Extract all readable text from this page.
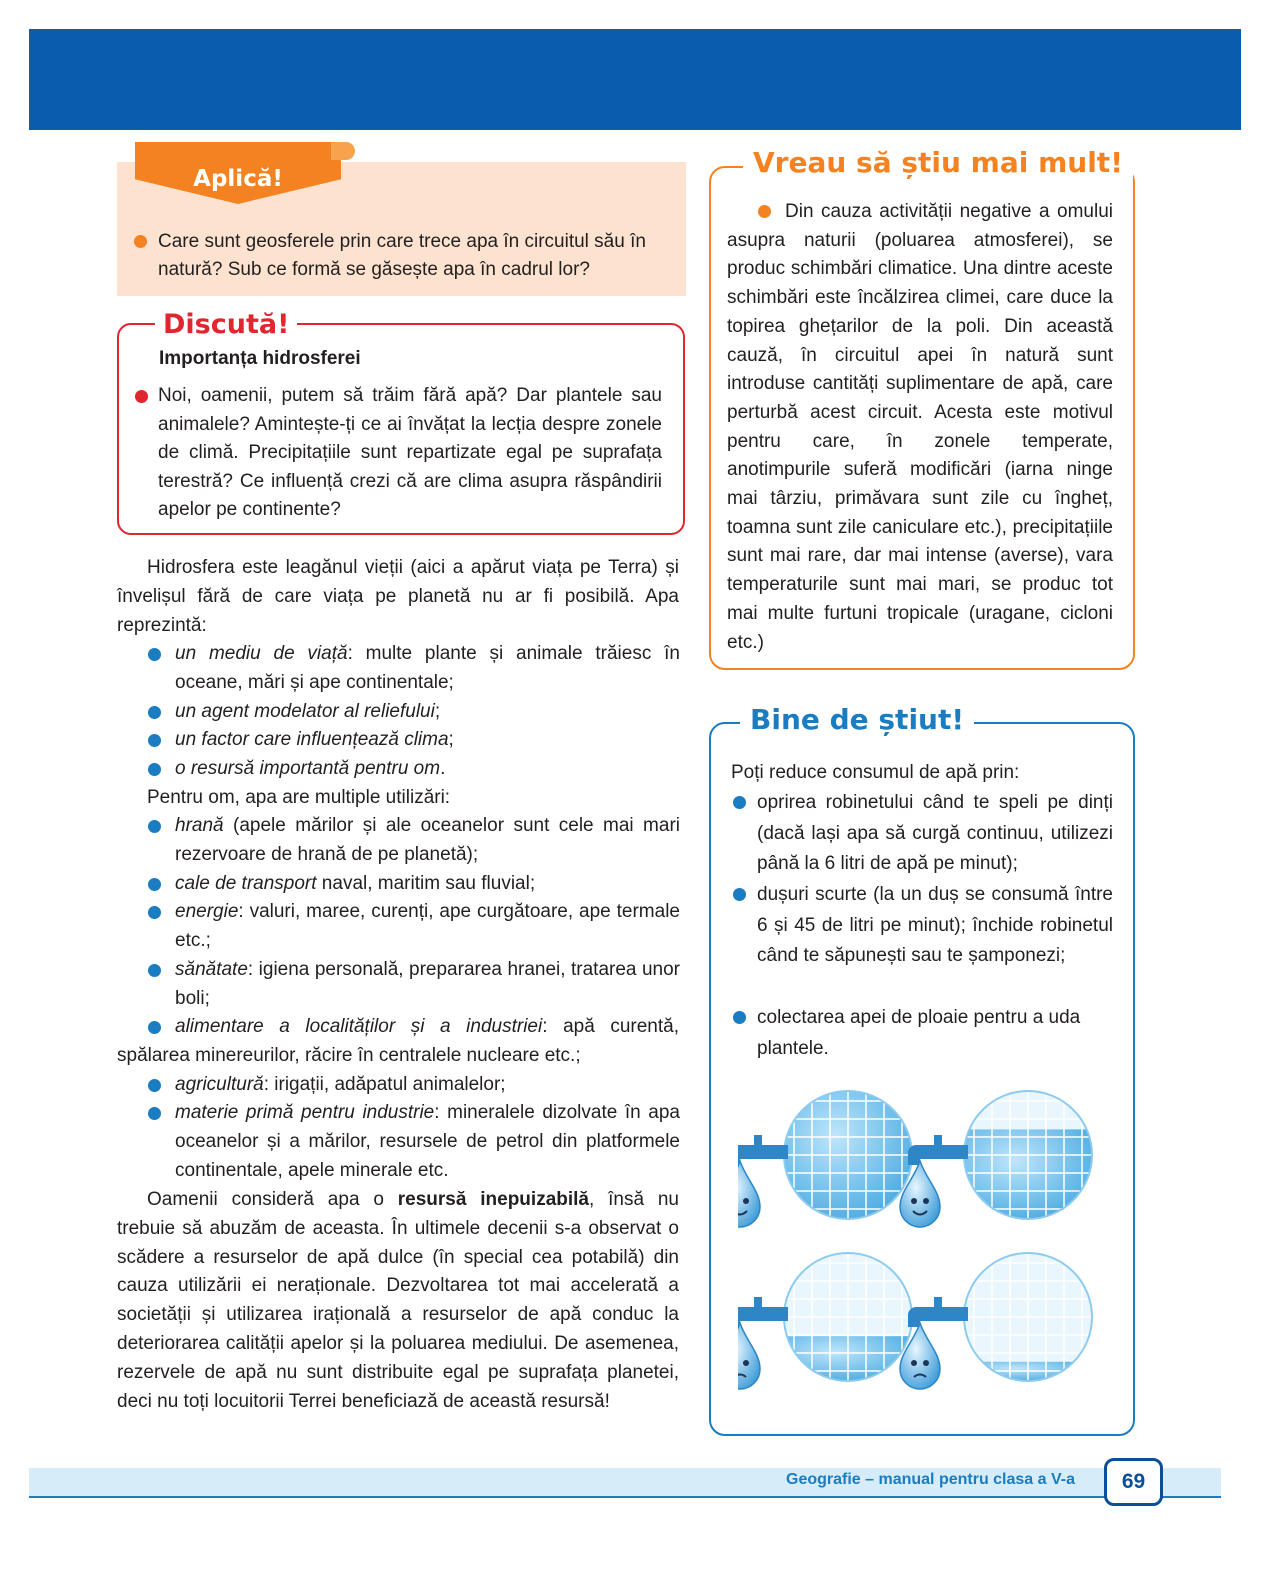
Aplică!
Care sunt geosferele prin care trece apa în circuitul său în natură? Sub ce formă se găsește apa în cadrul lor?
Discută!
Importanța hidrosferei
Noi, oamenii, putem să trăim fără apă? Dar plantele sau animalele? Amintește-ți ce ai învățat la lecția despre zonele de climă. Precipitațiile sunt repartizate egal pe suprafața terestră? Ce influență crezi că are clima asupra răspândirii apelor pe continente?
Hidrosfera este leagănul vieții (aici a apărut viața pe Terra) și învelișul fără de care viața pe planetă nu ar fi posibilă. Apa reprezintă:
un mediu de viață: multe plante și animale trăiesc în oceane, mări și ape continentale;
un agent modelator al reliefului;
un factor care influențează clima;
o resursă importantă pentru om.
Pentru om, apa are multiple utilizări:
hrană (apele mărilor și ale oceanelor sunt cele mai mari rezervoare de hrană de pe planetă);
cale de transport naval, maritim sau fluvial;
energie: valuri, maree, curenți, ape curgătoare, ape termale etc.;
sănătate: igiena personală, prepararea hranei, tratarea unor boli;
alimentare a localităților și a industriei: apă curentă, spălarea minereurilor, răcire în centralele nucleare etc.;
agricultură: irigații, adăpatul animalelor;
materie primă pentru industrie: mineralele dizolvate în apa oceanelor și a mărilor, resursele de petrol din platformele continentale, apele minerale etc.
Oamenii consideră apa o resursă inepuizabilă, însă nu trebuie să abuzăm de aceasta. În ultimele decenii s-a observat o scădere a resurselor de apă dulce (în special cea potabilă) din cauza utilizării ei neraționale. Dezvoltarea tot mai accelerată a societății și utilizarea irațională a resurselor de apă conduc la deteriorarea calității apelor și la poluarea mediului. De asemenea, rezervele de apă nu sunt distribuite egal pe suprafața planetei, deci nu toți locuitorii Terrei beneficiază de această resursă!
Vreau să știu mai mult!
Din cauza activității negative a omului asupra naturii (poluarea atmosferei), se produc schimbări climatice. Una dintre aceste schimbări este încălzirea climei, care duce la topirea ghețarilor de la poli. Din această cauză, în circuitul apei în natură sunt introduse cantități suplimentare de apă, care perturbă acest circuit. Acesta este motivul pentru care, în zonele temperate, anotimpurile suferă modificări (iarna ninge mai târziu, primăvara sunt zile cu îngheț, toamna sunt zile caniculare etc.), precipitațiile sunt mai rare, dar mai intense (averse), vara temperaturile sunt mai mari, se produc tot mai multe furtuni tropicale (uragane, cicloni etc.)
Bine de știut!
Poți reduce consumul de apă prin:
oprirea robinetului când te speli pe dinți (dacă lași apa să curgă continuu, utilizezi până la 6 litri de apă pe minut);
dușuri scurte (la un duș se consumă între 6 și 45 de litri pe minut); închide robinetul când te săpunești sau te șamponezi;
colectarea apei de ploaie pentru a uda plantele.
Geografie – manual pentru clasa a V-a	69
